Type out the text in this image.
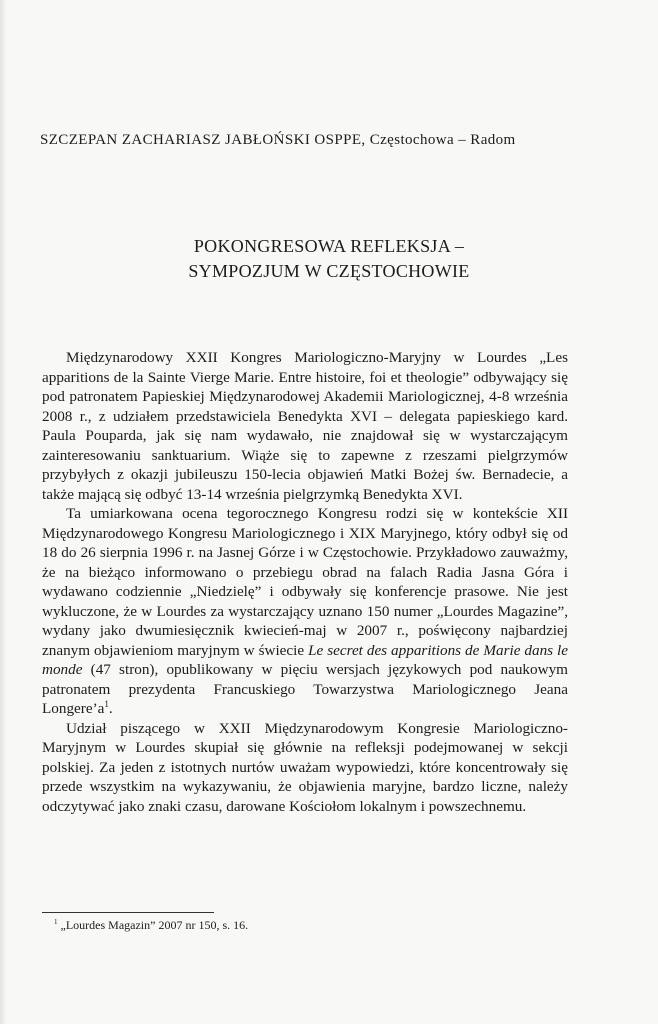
SZCZEPAN ZACHARIASZ JABŁOŃSKI OSPPE, Częstochowa – Radom
POKONGRESOWA REFLEKSJA –
SYMPOZJUM W CZĘSTOCHOWIE

Międzynarodowy XXII Kongres Mariologiczno-Maryjny w Lourdes „Les apparitions de la Sainte Vierge Marie. Entre histoire, foi et theologie” odbywający się pod patronatem Papieskiej Międzynarodowej Akademii Mariologicznej, 4-8 września 2008 r., z udziałem przedstawiciela Benedykta XVI – delegata papieskiego kard. Paula Pouparda, jak się nam wydawało, nie znajdował się w wystarczającym zainteresowaniu sanktuarium. Wiąże się to zapewne z rzeszami pielgrzymów przybyłych z okazji jubileuszu 150-lecia objawień Matki Bożej św. Bernadecie, a także mającą się odbyć 13-14 września pielgrzymką Benedykta XVI.

Ta umiarkowana ocena tegorocznego Kongresu rodzi się w kontekście XII Międzynarodowego Kongresu Mariologicznego i XIX Maryjnego, który odbył się od 18 do 26 sierpnia 1996 r. na Jasnej Górze i w Częstochowie. Przykładowo zauważmy, że na bieżąco informowano o przebiegu obrad na falach Radia Jasna Góra i wydawano codziennie „Niedzielę” i odbywały się konferencje prasowe. Nie jest wykluczone, że w Lourdes za wystarczający uznano 150 numer „Lourdes Magazine”, wydany jako dwumiesięcznik kwiecień-maj w 2007 r., poświęcony najbardziej znanym objawieniom maryjnym w świecie Le secret des apparitions de Marie dans le monde (47 stron), opublikowany w pięciu wersjach językowych pod naukowym patronatem prezydenta Francuskiego Towarzystwa Mariologicznego Jeana $Longere’a^1$.

Udział piszącego w XXII Międzynarodowym Kongresie Mariologiczno-Maryjnym w Lourdes skupiał się głównie na refleksji podejmowanej w sekcji polskiej. Za jeden z istotnych nurtów uważam wypowiedzi, które koncentrowały się przede wszystkim na wykazywaniu, że objawienia maryjne, bardzo liczne, należy odczytywać jako znaki czasu, darowane Kościołom lokalnym i powszechnemu.

$^1$ „Lourdes Magazin” 2007 nr 150, s. 16.
